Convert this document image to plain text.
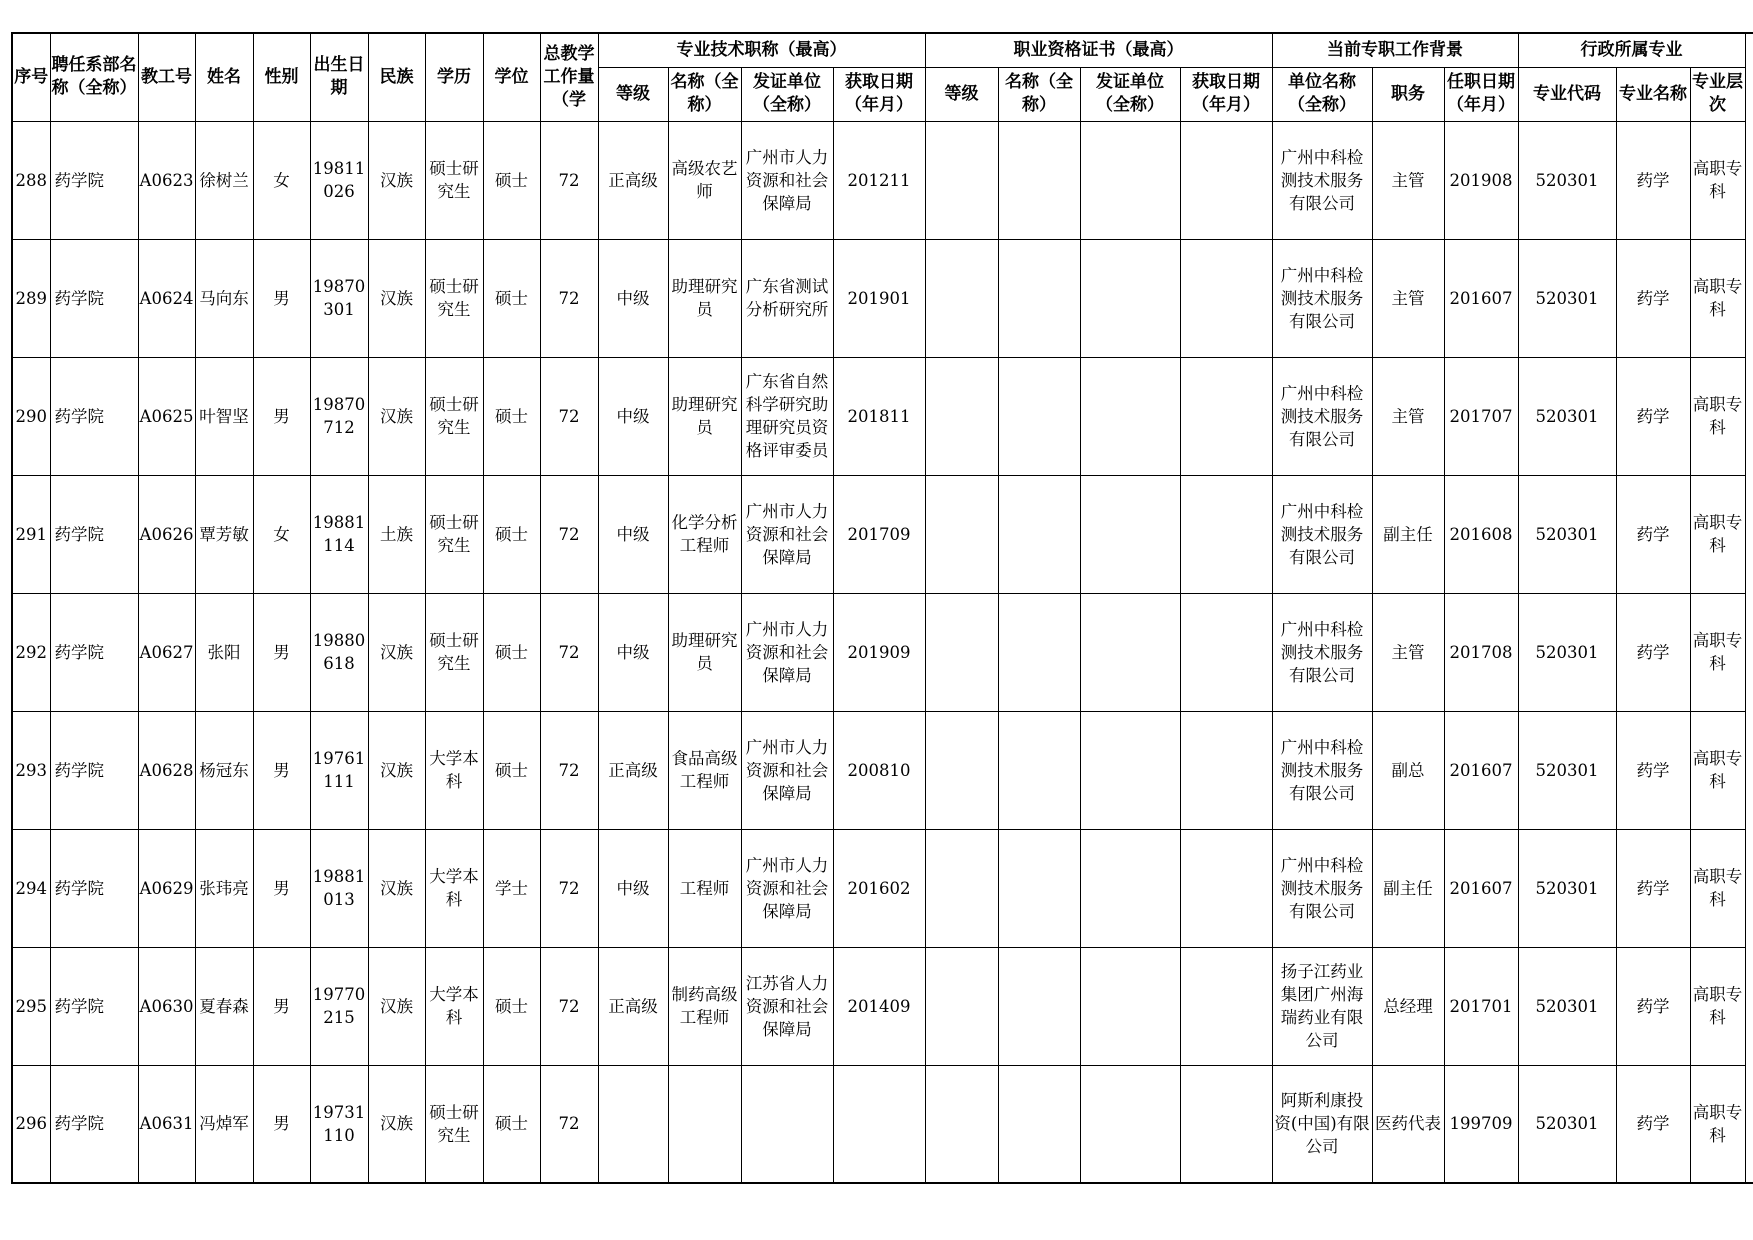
序号	聘任系部名称（全称）	教工号	姓名	性别	出生日期	民族	学历	学位	总教学工作量（学	专业技术职称（最高）				职业资格证书（最高）				当前专职工作背景			行政所属专业		
										等级	名称（全称）	发证单位（全称）	获取日期（年月）	等级	名称（全称）	发证单位（全称）	获取日期（年月）	单位名称（全称）	职务	任职日期（年月）	专业代码	专业名称	专业层次
288	药学院	A0623	徐树兰	女	19811026	汉族	硕士研究生	硕士	72	正高级	高级农艺师	广州市人力资源和社会保障局	201211					广州中科检测技术服务有限公司	主管	201908	520301	药学	高职专科
289	药学院	A0624	马向东	男	19870301	汉族	硕士研究生	硕士	72	中级	助理研究员	广东省测试分析研究所	201901					广州中科检测技术服务有限公司	主管	201607	520301	药学	高职专科
290	药学院	A0625	叶智坚	男	19870712	汉族	硕士研究生	硕士	72	中级	助理研究员	广东省自然科学研究助理研究员资格评审委员	201811					广州中科检测技术服务有限公司	主管	201707	520301	药学	高职专科
291	药学院	A0626	覃芳敏	女	19881114	土族	硕士研究生	硕士	72	中级	化学分析工程师	广州市人力资源和社会保障局	201709					广州中科检测技术服务有限公司	副主任	201608	520301	药学	高职专科
292	药学院	A0627	张阳	男	19880618	汉族	硕士研究生	硕士	72	中级	助理研究员	广州市人力资源和社会保障局	201909					广州中科检测技术服务有限公司	主管	201708	520301	药学	高职专科
293	药学院	A0628	杨冠东	男	19761111	汉族	大学本科	硕士	72	正高级	食品高级工程师	广州市人力资源和社会保障局	200810					广州中科检测技术服务有限公司	副总	201607	520301	药学	高职专科
294	药学院	A0629	张玮亮	男	19881013	汉族	大学本科	学士	72	中级	工程师	广州市人力资源和社会保障局	201602					广州中科检测技术服务有限公司	副主任	201607	520301	药学	高职专科
295	药学院	A0630	夏春森	男	19770215	汉族	大学本科	硕士	72	正高级	制药高级工程师	江苏省人力资源和社会保障局	201409					扬子江药业集团广州海瑞药业有限公司	总经理	201701	520301	药学	高职专科
296	药学院	A0631	冯焯军	男	19731110	汉族	硕士研究生	硕士	72									阿斯利康投资(中国)有限公司	医药代表	199709	520301	药学	高职专科
